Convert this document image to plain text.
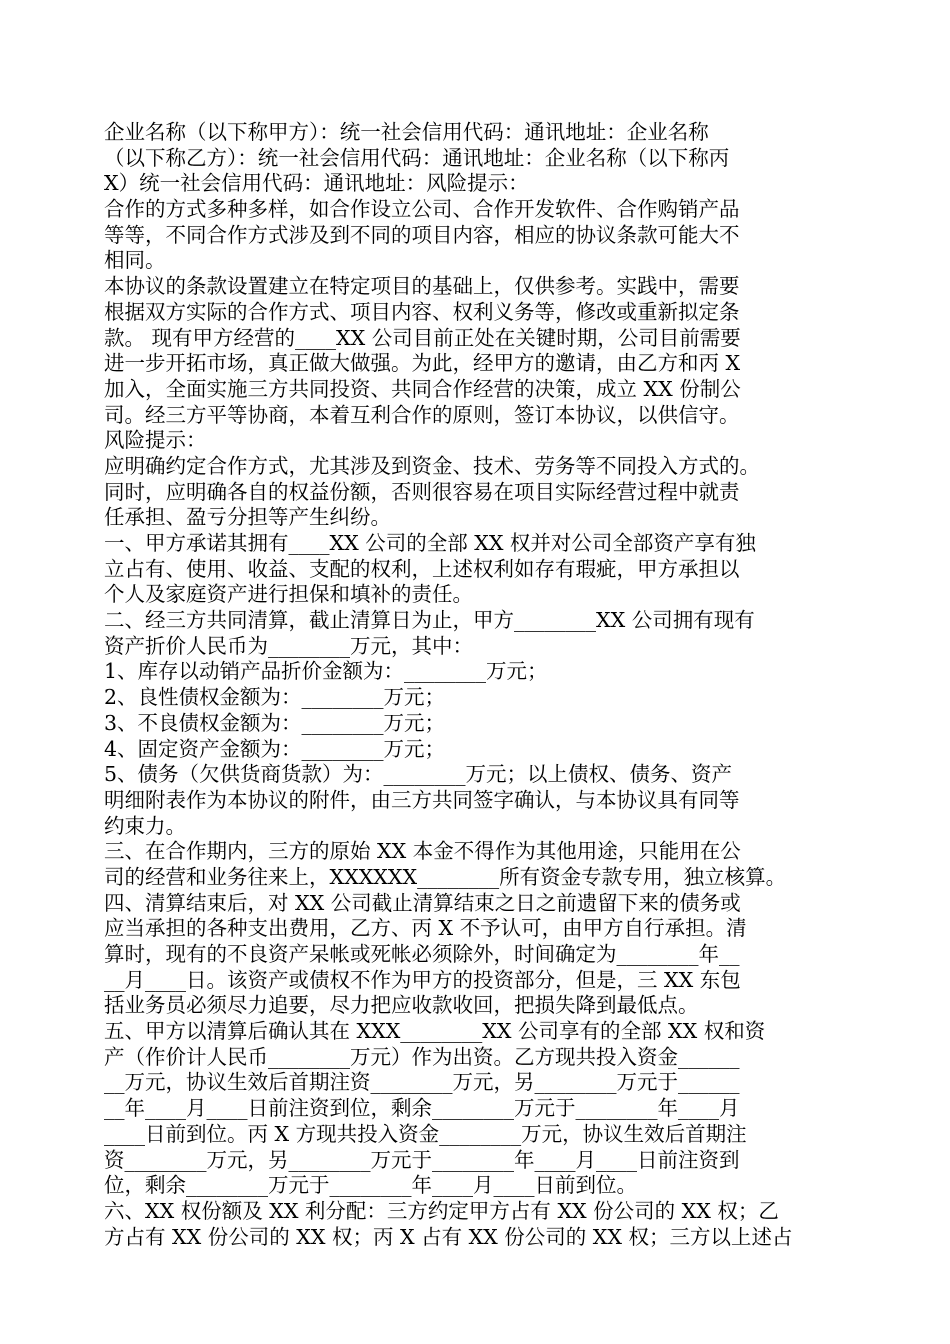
企业名称（以下称甲方）：统一社会信用代码：通讯地址：企业名称
（以下称乙方）：统一社会信用代码：通讯地址：企业名称（以下称丙
X）统一社会信用代码：通讯地址：风险提示：
合作的方式多种多样，如合作设立公司、合作开发软件、合作购销产品
等等，不同合作方式涉及到不同的项目内容，相应的协议条款可能大不
相同。
本协议的条款设置建立在特定项目的基础上，仅供参考。实践中，需要
根据双方实际的合作方式、项目内容、权利义务等，修改或重新拟定条
款。 现有甲方经营的____XX 公司目前正处在关键时期，公司目前需要
进一步开拓市场，真正做大做强。为此，经甲方的邀请，由乙方和丙 X
加入，全面实施三方共同投资、共同合作经营的决策，成立 XX 份制公
司。经三方平等协商，本着互利合作的原则，签订本协议，以供信守。
风险提示：
应明确约定合作方式，尤其涉及到资金、技术、劳务等不同投入方式的。
同时，应明确各自的权益份额，否则很容易在项目实际经营过程中就责
任承担、盈亏分担等产生纠纷。
一、甲方承诺其拥有____XX 公司的全部 XX 权并对公司全部资产享有独
立占有、使用、收益、支配的权利，上述权利如存有瑕疵，甲方承担以
个人及家庭资产进行担保和填补的责任。
二、经三方共同清算，截止清算日为止，甲方________XX 公司拥有现有
资产折价人民币为________万元，其中：
1、库存以动销产品折价金额为：________万元；
2、良性债权金额为：________万元；
3、不良债权金额为：________万元；
4、固定资产金额为：________万元；
5、债务（欠供货商货款）为：________万元；以上债权、债务、资产
明细附表作为本协议的附件，由三方共同签字确认，与本协议具有同等
约束力。
三、在合作期内，三方的原始 XX 本金不得作为其他用途，只能用在公
司的经营和业务往来上，XXXXXX________所有资金专款专用，独立核算。
四、清算结束后，对 XX 公司截止清算结束之日之前遗留下来的债务或
应当承担的各种支出费用，乙方、丙 X 不予认可，由甲方自行承担。清
算时，现有的不良资产呆帐或死帐必须除外，时间确定为________年__
__月____日。该资产或债权不作为甲方的投资部分，但是，三 XX 东包
括业务员必须尽力追要，尽力把应收款收回，把损失降到最低点。
五、甲方以清算后确认其在 XXX________XX 公司享有的全部 XX 权和资
产（作价计人民币________万元）作为出资。乙方现共投入资金______
__万元，协议生效后首期注资________万元，另________万元于______
__年____月____日前注资到位，剩余________万元于________年____月
____日前到位。丙 X 方现共投入资金________万元，协议生效后首期注
资________万元，另________万元于________年____月____日前注资到
位，剩余________万元于________年____月____日前到位。
六、XX 权份额及 XX 利分配：三方约定甲方占有 XX 份公司的 XX 权；乙
方占有 XX 份公司的 XX 权；丙 X 占有 XX 份公司的 XX 权；三方以上述占
